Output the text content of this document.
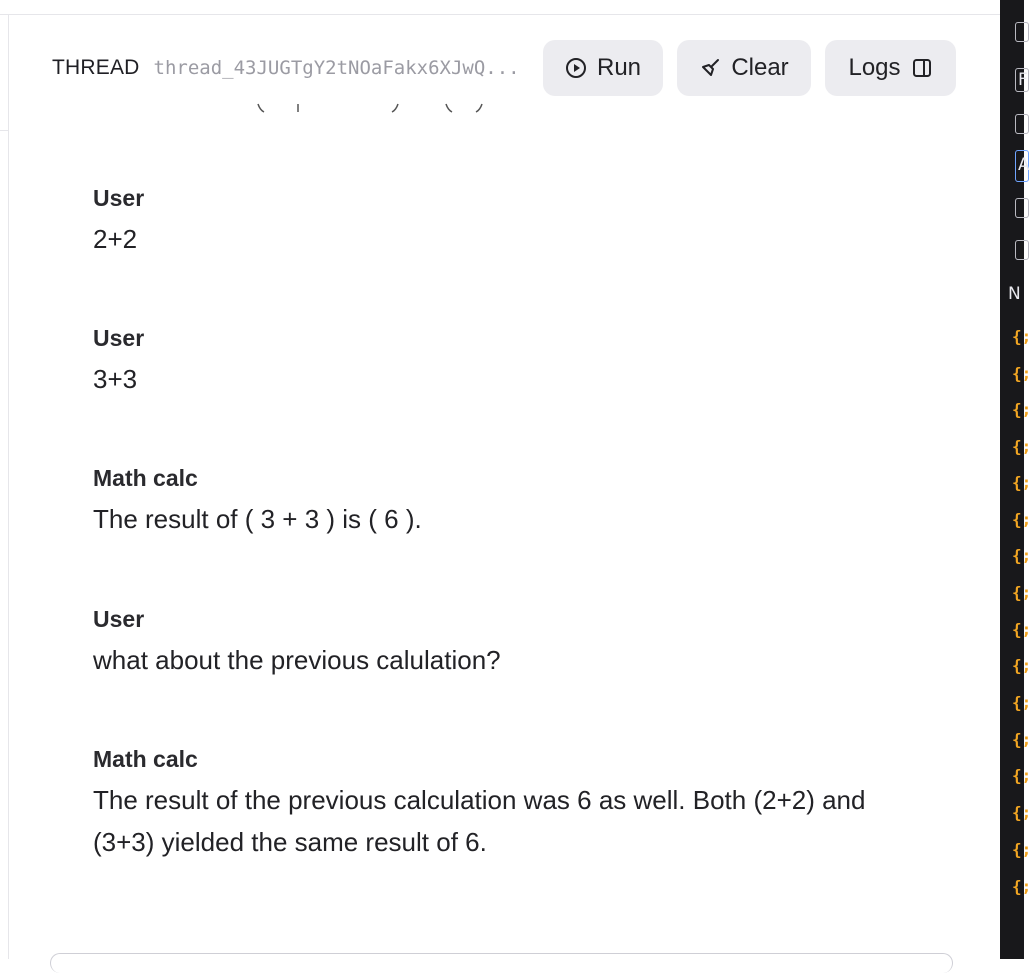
THREAD thread_43JUGTgY2tNOaFakx6XJwQ...	Run	Clear Logs
User
2+2
User
3+3
Math calc
The result of ( 3 + 3 ) is ( 6 ).
User
what about the previous calulation?
Math calc
The result of the previous calculation was 6 as well. Both (2+2) and (3+3) yielded the same result of 6.
F
A
N
{;
{;
{;
{;
{;
{;
{;
{;
{;
{;
{;
{;
{;
{;
{;
{;
